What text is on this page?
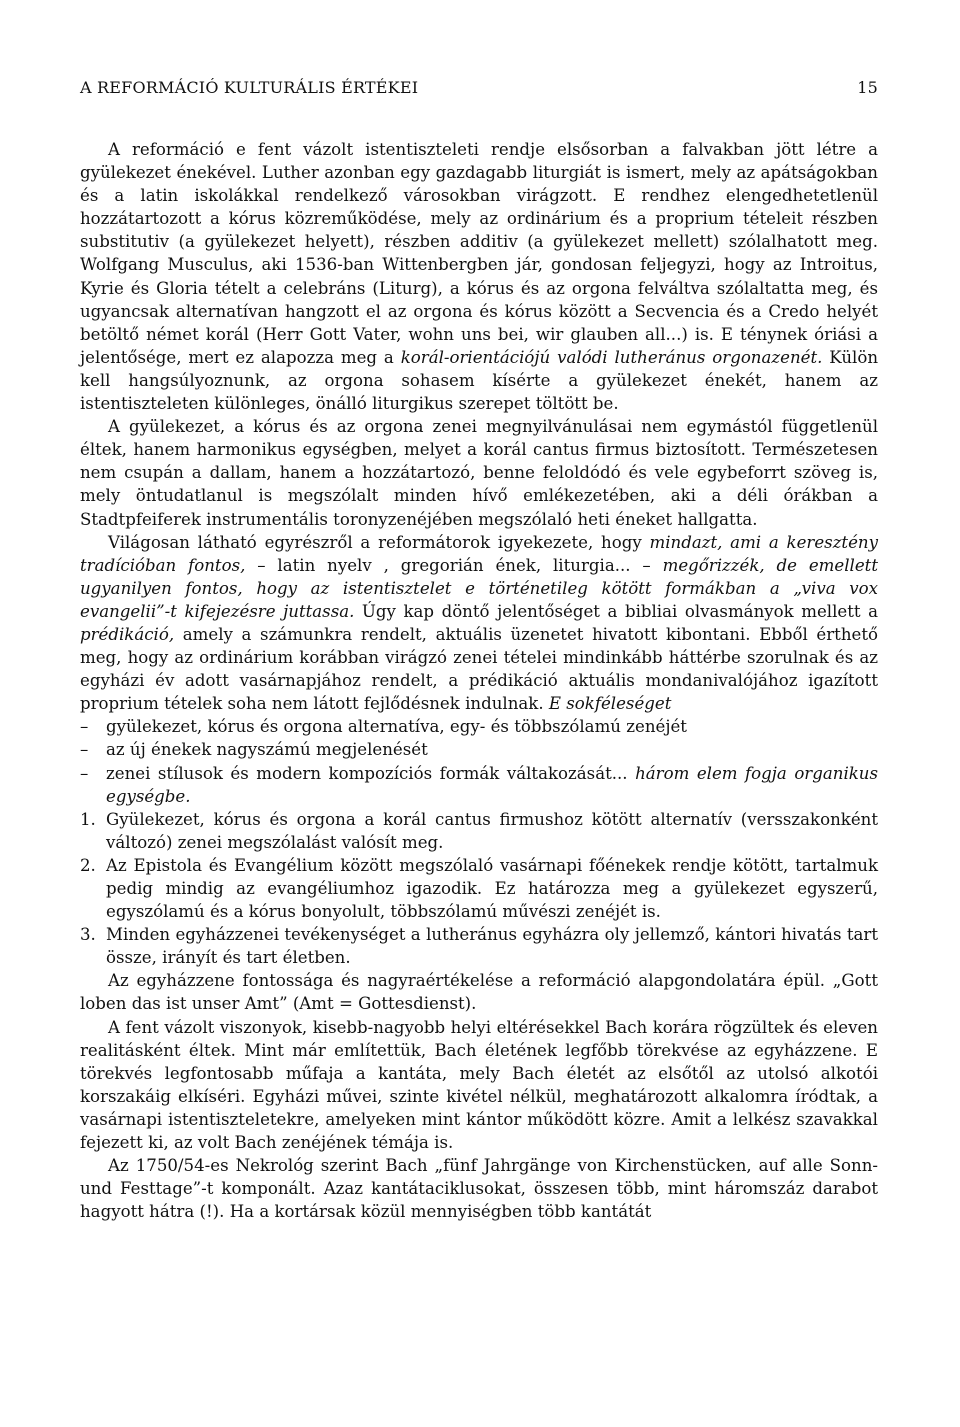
A REFORMÁCIÓ KULTURÁLIS ÉRTÉKEI	15

A reformáció e fent vázolt istentiszteleti rendje elsősorban a falvakban jött létre a gyülekezet énekével. Luther azonban egy gazdagabb liturgiát is ismert, mely az apátságokban és a latin iskolákkal rendelkező városokban virágzott. E rendhez elengedhetetlenül hozzátartozott a kórus közreműködése, mely az ordinárium és a proprium tételeit részben substitutiv (a gyülekezet helyett), részben additiv (a gyülekezet mellett) szólalhatott meg. Wolfgang Musculus, aki 1536-ban Wittenbergben jár, gondosan feljegyzi, hogy az Introitus, Kyrie és Gloria tételt a celebráns (Liturg), a kórus és az orgona felváltva szólaltatta meg, és ugyancsak alternatívan hangzott el az orgona és kórus között a Secvencia és a Credo helyét betöltő német korál (Herr Gott Vater, wohn uns bei, wir glauben all...) is. E ténynek óriási a jelentősége, mert ez alapozza meg a korál-orientációjú valódi lutheránus orgonazenét. Külön kell hangsúlyoznunk, az orgona sohasem kísérte a gyülekezet énekét, hanem az istentiszteleten különleges, önálló liturgikus szerepet töltött be.

A gyülekezet, a kórus és az orgona zenei megnyilvánulásai nem egymástól függetlenül éltek, hanem harmonikus egységben, melyet a korál cantus firmus biztosított. Természetesen nem csupán a dallam, hanem a hozzátartozó, benne feloldódó és vele egybeforrt szöveg is, mely öntudatlanul is megszólalt minden hívő emlékezetében, aki a déli órákban a Stadtpfeiferek instrumentális toronyzenéjében megszólaló heti éneket hallgatta.

Világosan látható egyrészről a reformátorok igyekezete, hogy mindazt, ami a keresztény tradícióban fontos, – latin nyelv , gregorián ének, liturgia... – megőrizzék, de emellett ugyanilyen fontos, hogy az istentisztelet e történetileg kötött formákban a „viva vox evangelii”-t kifejezésre juttassa. Úgy kap döntő jelentőséget a bibliai olvasmányok mellett a prédikáció, amely a számunkra rendelt, aktuális üzenetet hivatott kibontani. Ebből érthető meg, hogy az ordinárium korábban virágzó zenei tételei mindinkább háttérbe szorulnak és az egyházi év adott vasárnapjához rendelt, a prédikáció aktuális mondanivalójához igazított proprium tételek soha nem látott fejlődésnek indulnak. E sokféleséget

– gyülekezet, kórus és orgona alternatíva, egy- és többszólamú zenéjét
– az új énekek nagyszámú megjelenését
– zenei stílusok és modern kompozíciós formák váltakozását... három elem fogja organikus egységbe.
1. Gyülekezet, kórus és orgona a korál cantus firmushoz kötött alternatív (versszakonként változó) zenei megszólalást valósít meg.
2. Az Epistola és Evangélium között megszólaló vasárnapi főénekek rendje kötött, tartalmuk pedig mindig az evangéliumhoz igazodik. Ez határozza meg a gyülekezet egyszerű, egyszólamú és a kórus bonyolult, többszólamú művészi zenéjét is.
3. Minden egyházzenei tevékenységet a lutheránus egyházra oly jellemző, kántori hivatás tart össze, irányít és tart életben.

Az egyházzene fontossága és nagyraértékelése a reformáció alapgondolatára épül. „Gott loben das ist unser Amt” (Amt = Gottesdienst).

A fent vázolt viszonyok, kisebb-nagyobb helyi eltérésekkel Bach korára rögzültek és eleven realitásként éltek. Mint már említettük, Bach életének legfőbb törekvése az egyházzene. E törekvés legfontosabb műfaja a kantáta, mely Bach életét az elsőtől az utolsó alkotói korszakáig elkíséri. Egyházi művei, szinte kivétel nélkül, meghatározott alkalomra íródtak, a vasárnapi istentiszteletekre, amelyeken mint kántor működött közre. Amit a lelkész szavakkal fejezett ki, az volt Bach zenéjének témája is.

Az 1750/54-es Nekrológ szerint Bach „fünf Jahrgänge von Kirchenstücken, auf alle Sonn- und Festtage”-t komponált. Azaz kantátaciklusokat, összesen több, mint háromszáz darabot hagyott hátra (!). Ha a kortársak közül mennyiségben több kantátát
